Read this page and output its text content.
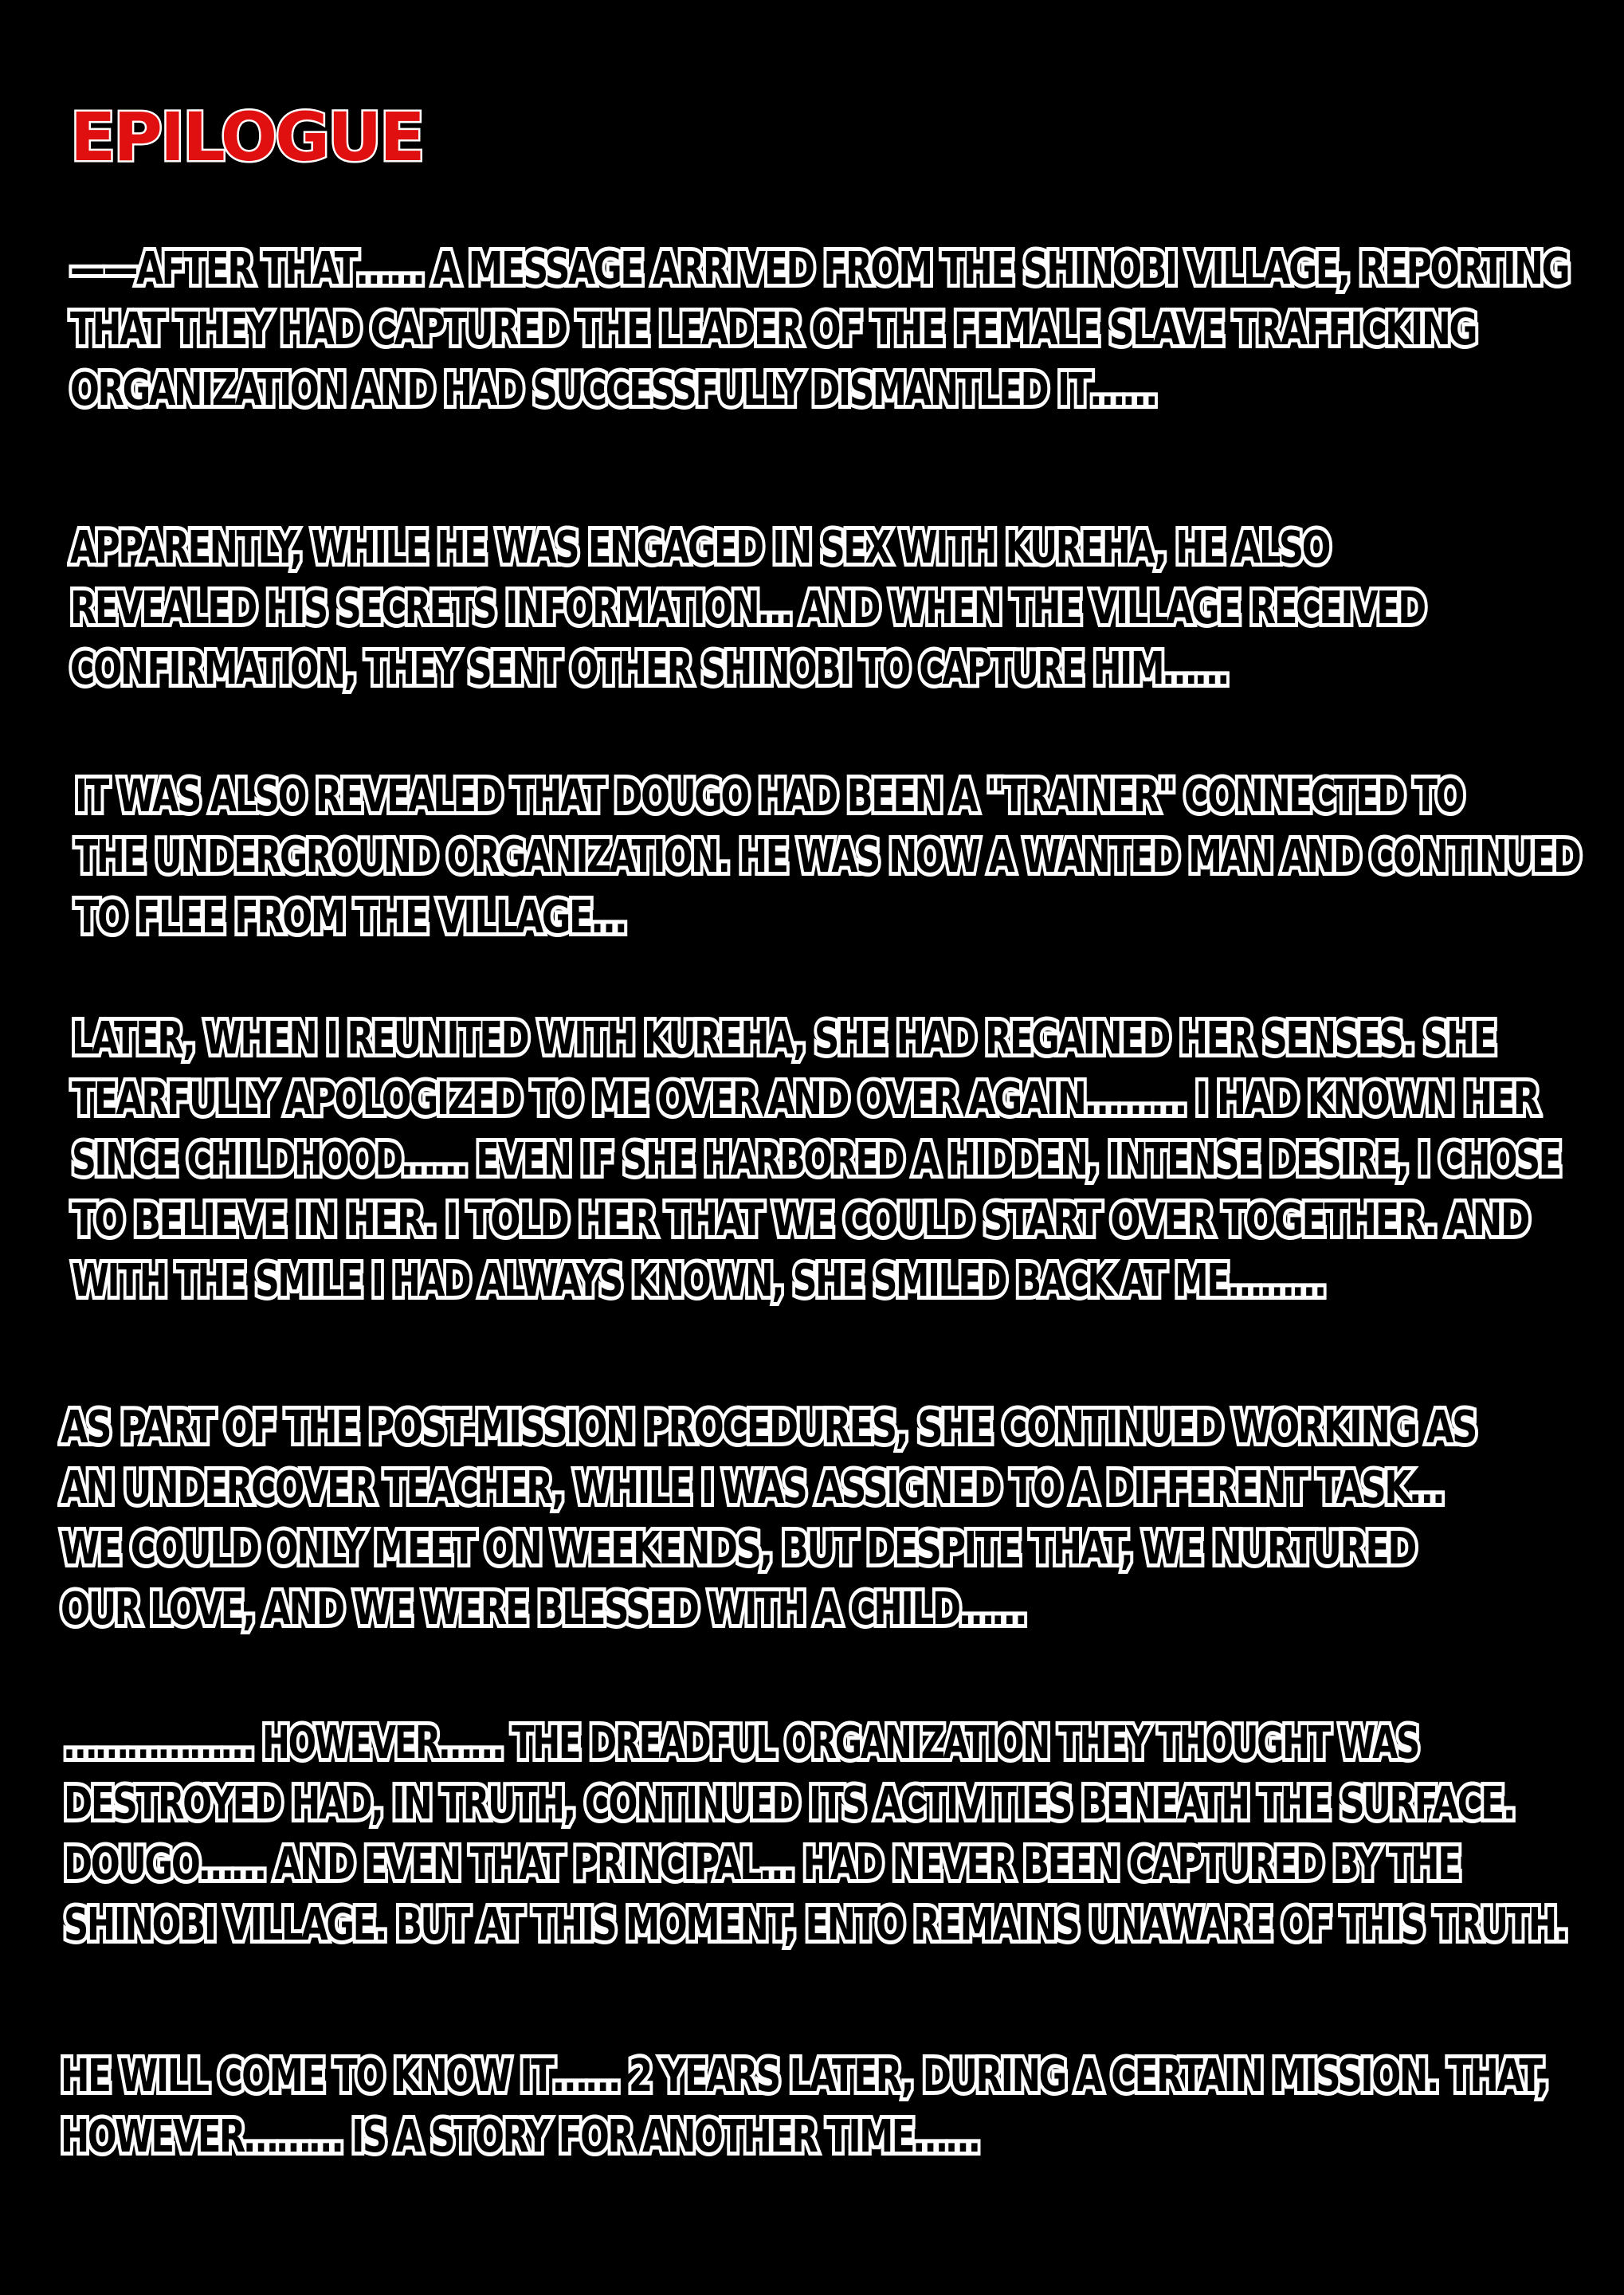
EPILOGUE
——AFTER THAT…… A MESSAGE ARRIVED FROM THE SHINOBI VILLAGE, REPORTING
THAT THEY HAD CAPTURED THE LEADER OF THE FEMALE SLAVE TRAFFICKING
ORGANIZATION AND HAD SUCCESSFULLY DISMANTLED IT……
APPARENTLY, WHILE HE WAS ENGAGED IN SEX WITH KUREHA, HE ALSO
REVEALED HIS SECRETS INFORMATION… AND WHEN THE VILLAGE RECEIVED
CONFIRMATION, THEY SENT OTHER SHINOBI TO CAPTURE HIM……
IT WAS ALSO REVEALED THAT DOUGO HAD BEEN A "TRAINER" CONNECTED TO
THE UNDERGROUND ORGANIZATION. HE WAS NOW A WANTED MAN AND CONTINUED
TO FLEE FROM THE VILLAGE…
LATER, WHEN I REUNITED WITH KUREHA, SHE HAD REGAINED HER SENSES. SHE
TEARFULLY APOLOGIZED TO ME OVER AND OVER AGAIN……… I HAD KNOWN HER
SINCE CHILDHOOD…… EVEN IF SHE HARBORED A HIDDEN, INTENSE DESIRE, I CHOSE
TO BELIEVE IN HER. I TOLD HER THAT WE COULD START OVER TOGETHER. AND
WITH THE SMILE I HAD ALWAYS KNOWN, SHE SMILED BACK AT ME………
AS PART OF THE POST-MISSION PROCEDURES, SHE CONTINUED WORKING AS
AN UNDERCOVER TEACHER, WHILE I WAS ASSIGNED TO A DIFFERENT TASK…
WE COULD ONLY MEET ON WEEKENDS, BUT DESPITE THAT, WE NURTURED
OUR LOVE, AND WE WERE BLESSED WITH A CHILD……
……………… HOWEVER…… THE DREADFUL ORGANIZATION THEY THOUGHT WAS
DESTROYED HAD, IN TRUTH, CONTINUED ITS ACTIVITIES BENEATH THE SURFACE.
DOUGO…… AND EVEN THAT PRINCIPAL… HAD NEVER BEEN CAPTURED BY THE
SHINOBI VILLAGE. BUT AT THIS MOMENT, ENTO REMAINS UNAWARE OF THIS TRUTH.
HE WILL COME TO KNOW IT…… 2 YEARS LATER, DURING A CERTAIN MISSION. THAT,
HOWEVER……… IS A STORY FOR ANOTHER TIME……
